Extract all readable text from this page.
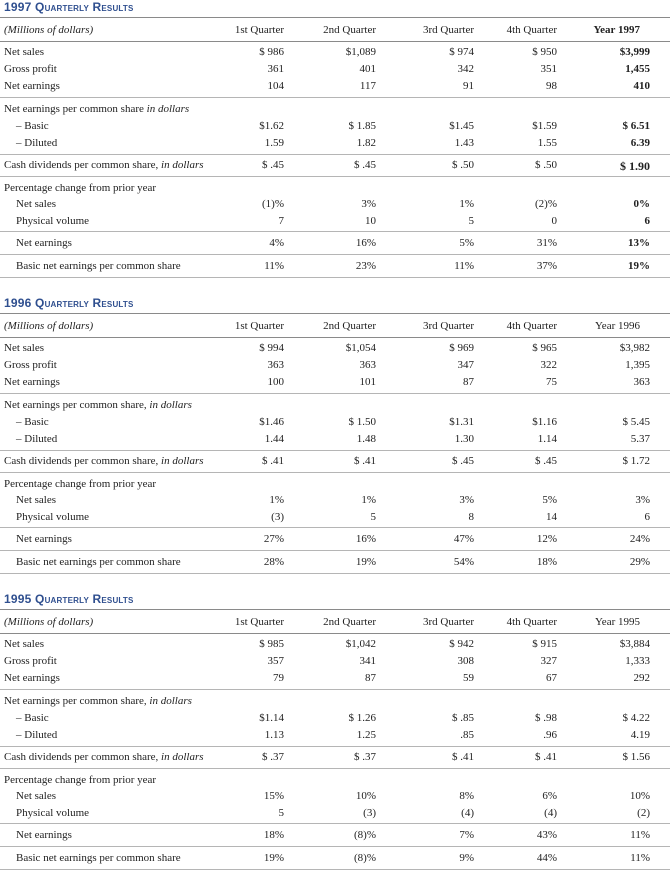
1997 Quarterly Results
(Millions of dollars)	1st Quarter	2nd Quarter	3rd Quarter	4th Quarter	Year 1997
Net sales	$ 986	$1,089	$ 974	$ 950	$3,999
Gross profit	361	401	342	351	1,455
Net earnings	104	117	91	98	410
Net earnings per common share in dollars
– Basic	$1.62	$ 1.85	$1.45	$1.59	$ 6.51
– Diluted	1.59	1.82	1.43	1.55	6.39
Cash dividends per common share, in dollars	$ .45	$ .45	$ .50	$ .50	$ 1.90
Percentage change from prior year
Net sales	(1)%	3%	1%	(2)%	0%
Physical volume	7	10	5	0	6
Net earnings	4%	16%	5%	31%	13%
Basic net earnings per common share	11%	23%	11%	37%	19%
1996 Quarterly Results
(Millions of dollars)	1st Quarter	2nd Quarter	3rd Quarter	4th Quarter	Year 1996
Net sales	$ 994	$1,054	$ 969	$ 965	$3,982
Gross profit	363	363	347	322	1,395
Net earnings	100	101	87	75	363
Net earnings per common share, in dollars
– Basic	$1.46	$ 1.50	$1.31	$1.16	$ 5.45
– Diluted	1.44	1.48	1.30	1.14	5.37
Cash dividends per common share, in dollars	$ .41	$ .41	$ .45	$ .45	$ 1.72
Percentage change from prior year
Net sales	1%	1%	3%	5%	3%
Physical volume	(3)	5	8	14	6
Net earnings	27%	16%	47%	12%	24%
Basic net earnings per common share	28%	19%	54%	18%	29%
1995 Quarterly Results
(Millions of dollars)	1st Quarter	2nd Quarter	3rd Quarter	4th Quarter	Year 1995
Net sales	$ 985	$1,042	$ 942	$ 915	$3,884
Gross profit	357	341	308	327	1,333
Net earnings	79	87	59	67	292
Net earnings per common share, in dollars
– Basic	$1.14	$ 1.26	$ .85	$ .98	$ 4.22
– Diluted	1.13	1.25	.85	.96	4.19
Cash dividends per common share, in dollars	$ .37	$ .37	$ .41	$ .41	$ 1.56
Percentage change from prior year
Net sales	15%	10%	8%	6%	10%
Physical volume	5	(3)	(4)	(4)	(2)
Net earnings	18%	(8)%	7%	43%	11%
Basic net earnings per common share	19%	(8)%	9%	44%	11%
